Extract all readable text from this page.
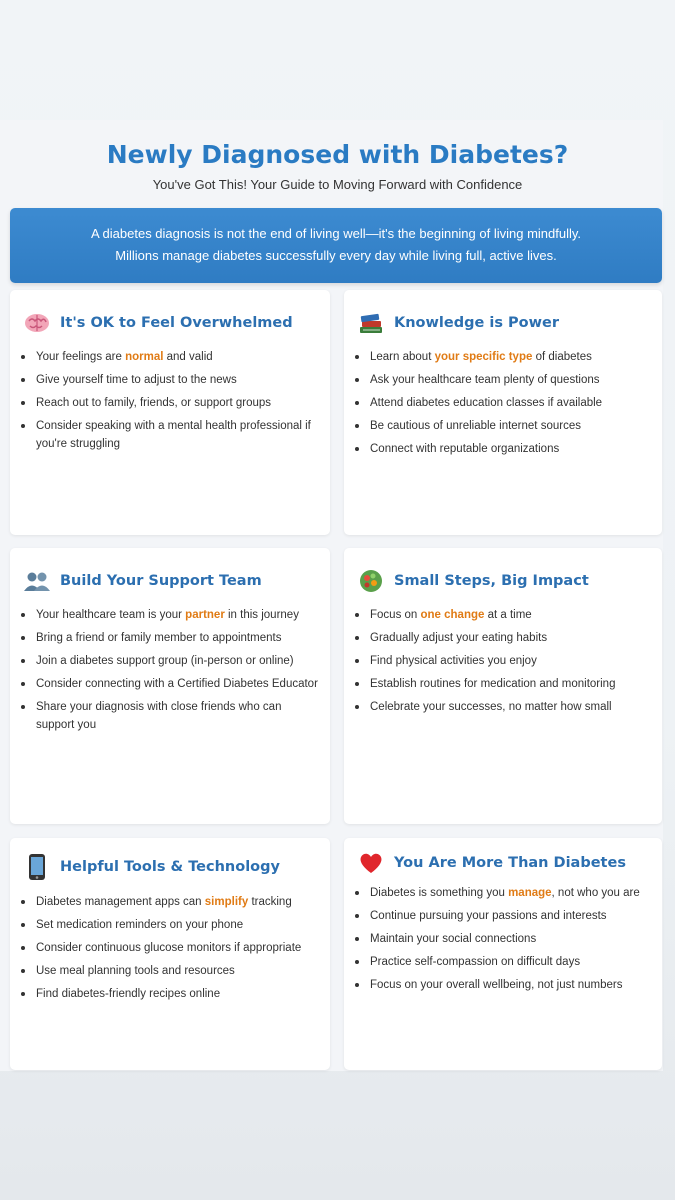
Newly Diagnosed with Diabetes?
You've Got This! Your Guide to Moving Forward with Confidence
A diabetes diagnosis is not the end of living well—it's the beginning of living mindfully.
Millions manage diabetes successfully every day while living full, active lives.
It's OK to Feel Overwhelmed
Your feelings are normal and valid
Give yourself time to adjust to the news
Reach out to family, friends, or support groups
Consider speaking with a mental health professional if you're struggling
Knowledge is Power
Learn about your specific type of diabetes
Ask your healthcare team plenty of questions
Attend diabetes education classes if available
Be cautious of unreliable internet sources
Connect with reputable organizations
Build Your Support Team
Your healthcare team is your partner in this journey
Bring a friend or family member to appointments
Join a diabetes support group (in-person or online)
Consider connecting with a Certified Diabetes Educator
Share your diagnosis with close friends who can support you
Small Steps, Big Impact
Focus on one change at a time
Gradually adjust your eating habits
Find physical activities you enjoy
Establish routines for medication and monitoring
Celebrate your successes, no matter how small
Helpful Tools & Technology
Diabetes management apps can simplify tracking
Set medication reminders on your phone
Consider continuous glucose monitors if appropriate
Use meal planning tools and resources
Find diabetes-friendly recipes online
You Are More Than Diabetes
Diabetes is something you manage, not who you are
Continue pursuing your passions and interests
Maintain your social connections
Practice self-compassion on difficult days
Focus on your overall wellbeing, not just numbers
